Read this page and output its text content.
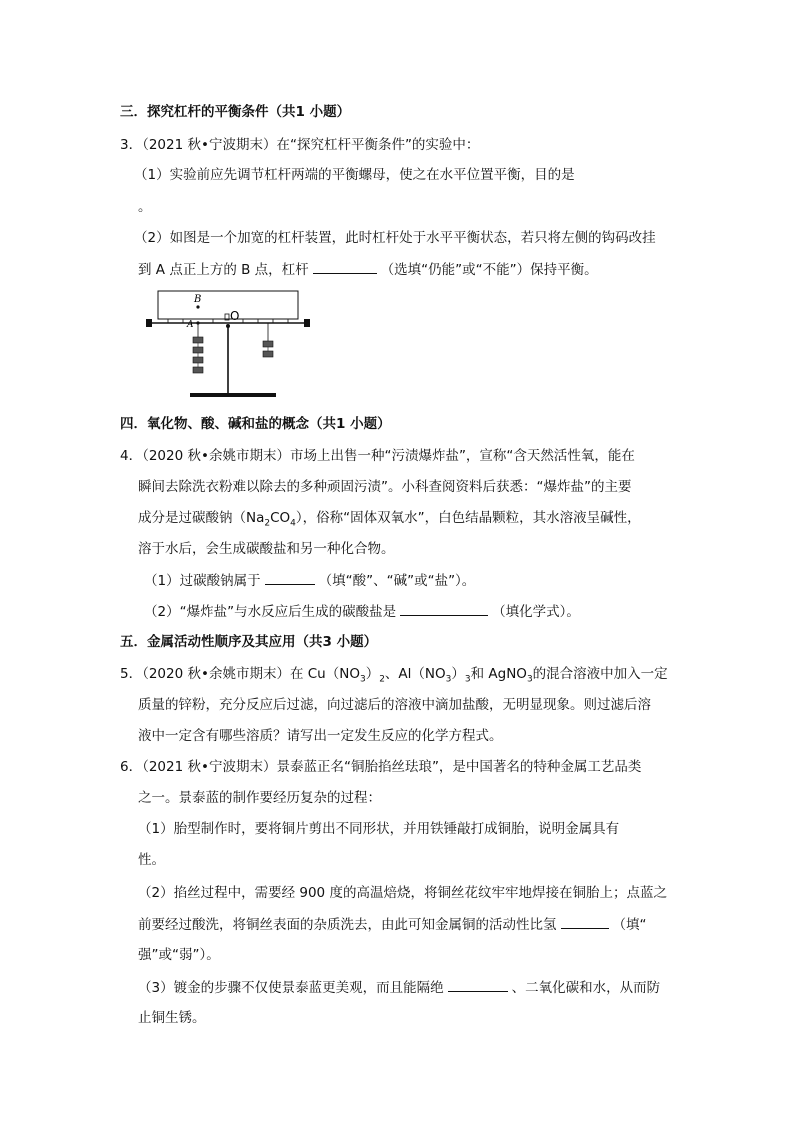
三．探究杠杆的平衡条件（共1 小题）
3．（2021 秋•宁波期末）在“探究杠杆平衡条件”的实验中：
（1）实验前应先调节杠杆两端的平衡螺母，使之在水平位置平衡，目的是
。
（2）如图是一个加宽的杠杆装置，此时杠杆处于水平平衡状态，若只将左侧的钩码改挂
到 A 点正上方的 B 点，杠杆	（选填“仍能”或“不能”）保持平衡。
B
A
O
四．氧化物、酸、碱和盐的概念（共1 小题）
4．（2020 秋•余姚市期末）市场上出售一种“污渍爆炸盐”，宣称“含天然活性氧，能在
瞬间去除洗衣粉难以除去的多种顽固污渍”。小科查阅资料后获悉：“爆炸盐”的主要
成分是过碳酸钠$(Na_2CO_4)$，俗称“固体双氧水”，白色结晶颗粒，其水溶液呈碱性，
溶于水后，会生成碳酸盐和另一种化合物。
（1）过碳酸钠属于	（填“酸”、“碱”或“盐”）。
（2）“爆炸盐”与水反应后生成的碳酸盐是	（填化学式）。
五．金属活动性顺序及其应用（共3 小题）
5．（2020 秋•余姚市期末）在 $Cu(NO_3)_2$、$Al(NO_3)_3$和 AgNO$_3$的混合溶液中加入一定
质量的锌粉，充分反应后过滤，向过滤后的溶液中滴加盐酸，无明显现象。则过滤后溶
液中一定含有哪些溶质？请写出一定发生反应的化学方程式。
6．（2021 秋•宁波期末）景泰蓝正名“铜胎掐丝珐琅”，是中国著名的特种金属工艺品类
之一。景泰蓝的制作要经历复杂的过程：
（1）胎型制作时，要将铜片剪出不同形状，并用铁锤敲打成铜胎，说明金属具有
性。
（2）掐丝过程中，需要经 900 度的高温焙烧，将铜丝花纹牢牢地焊接在铜胎上；点蓝之
前要经过酸洗，将铜丝表面的杂质洗去，由此可知金属铜的活动性比氢	（填“
强”或“弱”）。
（3）镀金的步骤不仅使景泰蓝更美观，而且能隔绝	、二氧化碳和水，从而防
止铜生锈。
